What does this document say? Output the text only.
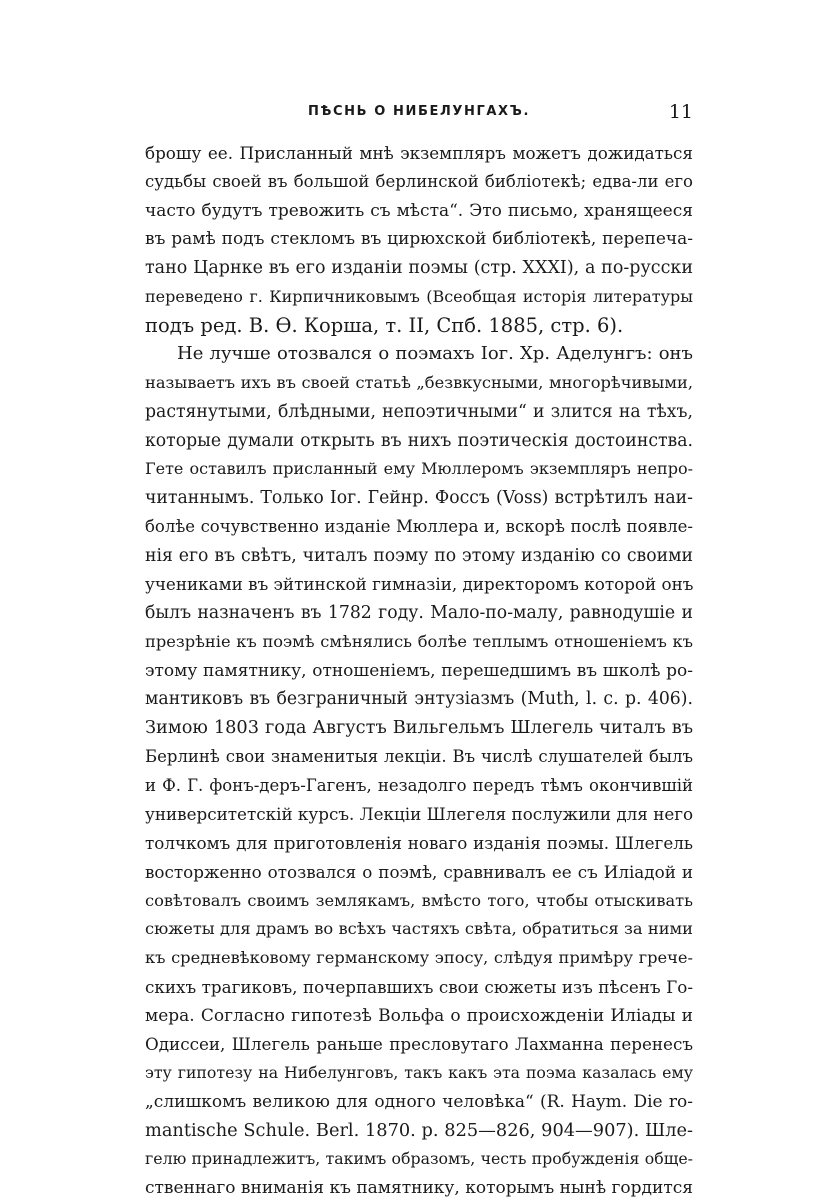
ПѢСНЬ О НИБЕЛУНГАХЪ.	11
брошу ее. Присланный мнѣ экземпляръ можетъ дожидаться
судьбы своей въ большой берлинской библіотекѣ; едва-ли его
часто будутъ тревожить съ мѣста“. Это письмо, хранящееся
въ рамѣ подъ стекломъ въ цирюхской библіотекѣ, перепеча-
тано Царнке въ его изданіи поэмы (стр. XXXI), а по-русски
переведено г. Кирпичниковымъ (Всеобщая исторія литературы
подъ ред. В. Ѳ. Корша, т. II, Спб. 1885, стр. 6).
Не лучше отозвался о поэмахъ Іог. Хр. Аделунгъ: онъ
называетъ ихъ въ своей статьѣ „безвкусными, многорѣчивыми,
растянутыми, блѣдными, непоэтичными“ и злится на тѣхъ,
которые думали открыть въ нихъ поэтическія достоинства.
Гете оставилъ присланный ему Мюллеромъ экземпляръ непро-
читаннымъ. Только Іог. Гейнр. Фоссъ (Voss) встрѣтилъ наи-
болѣе сочувственно изданіе Мюллера и, вскорѣ послѣ появле-
нія его въ свѣтъ, читалъ поэму по этому изданію со своими
учениками въ эйтинской гимназіи, директоромъ которой онъ
былъ назначенъ въ 1782 году. Мало-по-малу, равнодушіе и
презрѣніе къ поэмѣ смѣнялись болѣе теплымъ отношеніемъ къ
этому памятнику, отношеніемъ, перешедшимъ въ школѣ ро-
мантиковъ въ безграничный энтузіазмъ (Muth, l. c. p. 406).
Зимою 1803 года Августъ Вильгельмъ Шлегель читалъ въ
Берлинѣ свои знаменитыя лекціи. Въ числѣ слушателей былъ
и Ф. Г. фонъ-деръ-Гагенъ, незадолго передъ тѣмъ окончившій
университетскій курсъ. Лекціи Шлегеля послужили для него
толчкомъ для приготовленія новаго изданія поэмы. Шлегель
восторженно отозвался о поэмѣ, сравнивалъ ее съ Иліадой и
совѣтовалъ своимъ землякамъ, вмѣсто того, чтобы отыскивать
сюжеты для драмъ во всѣхъ частяхъ свѣта, обратиться за ними
къ средневѣковому германскому эпосу, слѣдуя примѣру грече-
скихъ трагиковъ, почерпавшихъ свои сюжеты изъ пѣсенъ Го-
мера. Согласно гипотезѣ Вольфа о происхожденіи Иліады и
Одиссеи, Шлегель раньше пресловутаго Лахманна перенесъ
эту гипотезу на Нибелунговъ, такъ какъ эта поэма казалась ему
„слишкомъ великою для одного человѣка“ (R. Haym. Die ro-
mantische Schule. Berl. 1870. p. 825—826, 904—907). Шле-
гелю принадлежитъ, такимъ образомъ, честь пробужденія обще-
ственнаго вниманія къ памятнику, которымъ нынѣ гордится
